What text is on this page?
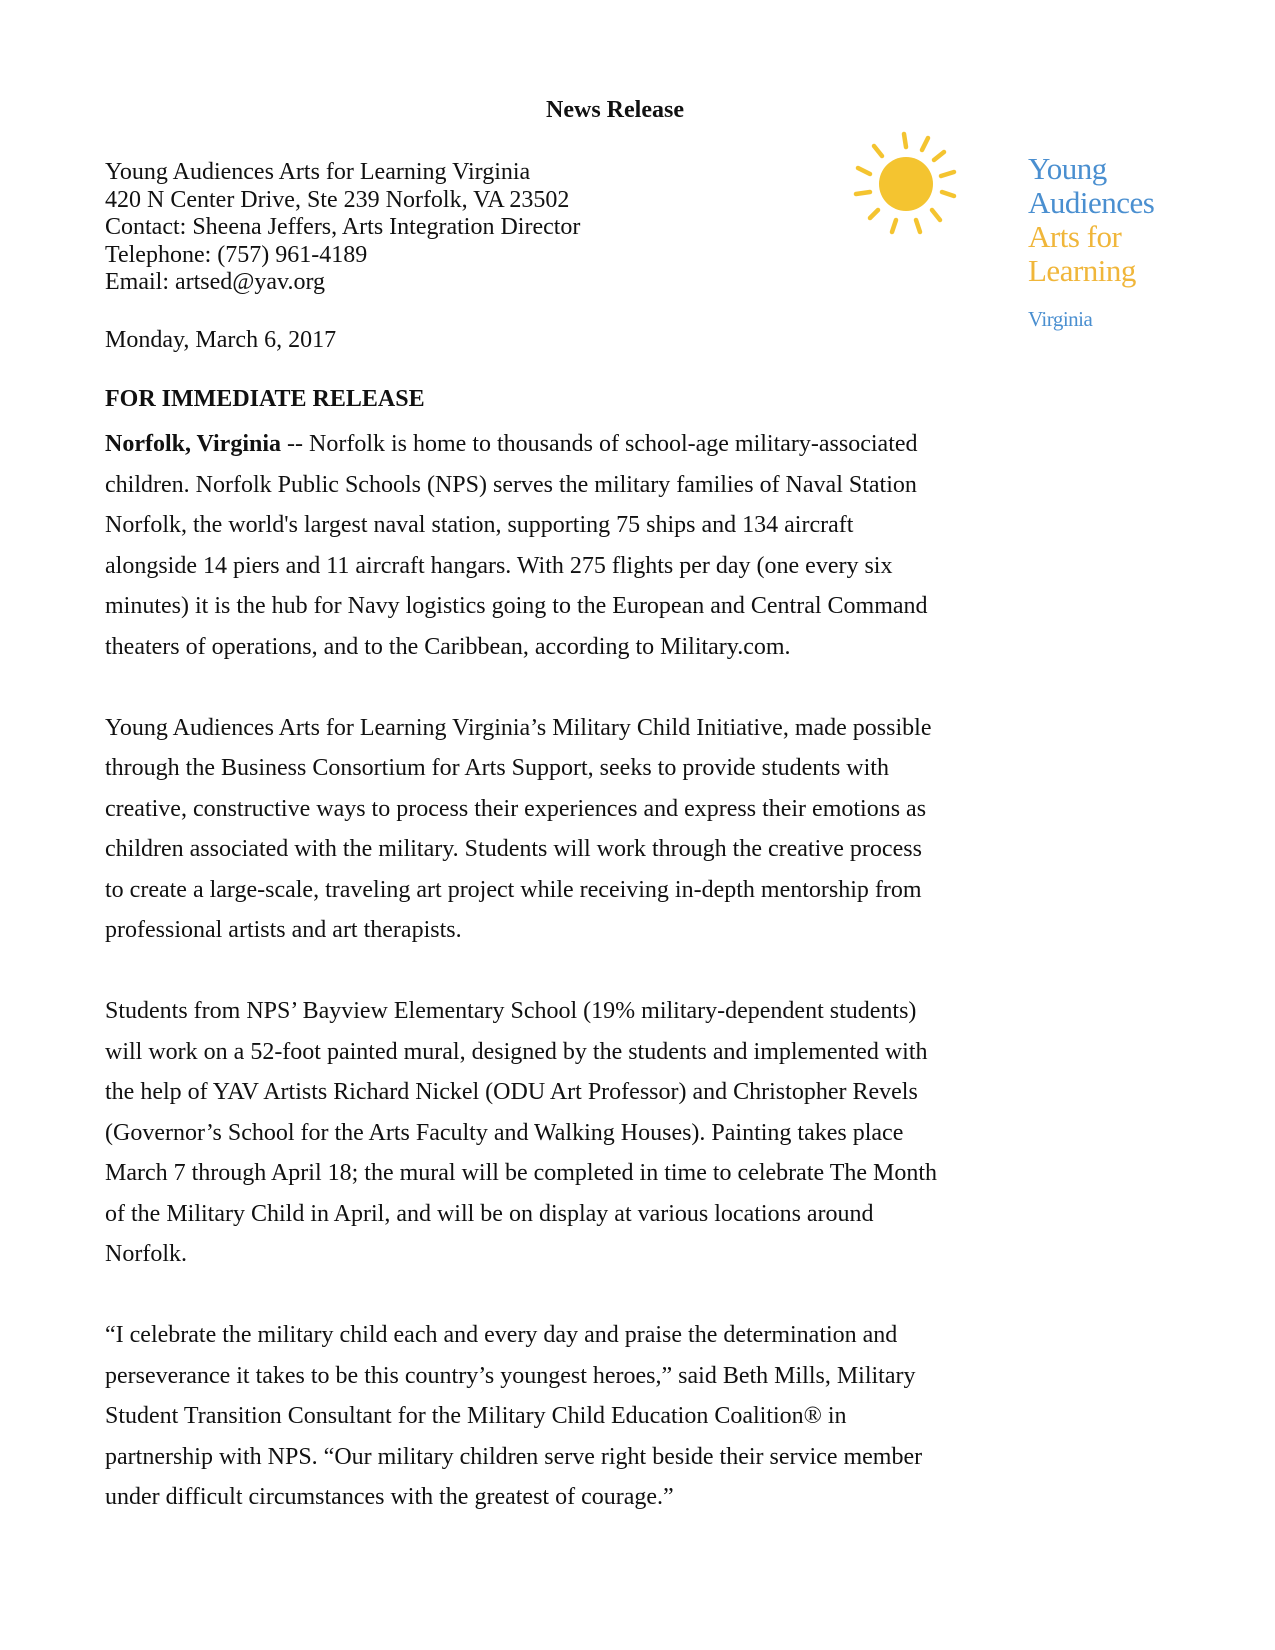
News Release
Young Audiences Arts for Learning Virginia
420 N Center Drive, Ste 239 Norfolk, VA 23502
Contact: Sheena Jeffers, Arts Integration Director
Telephone: (757) 961-4189
Email: artsed@yav.org
Monday, March 6, 2017
FOR IMMEDIATE RELEASE
Young
Audiences
Arts for
Learning
Virginia

Norfolk, Virginia -- Norfolk is home to thousands of school-age military-associated
children. Norfolk Public Schools (NPS) serves the military families of Naval Station
Norfolk, the world's largest naval station, supporting 75 ships and 134 aircraft
alongside 14 piers and 11 aircraft hangars. With 275 flights per day (one every six
minutes) it is the hub for Navy logistics going to the European and Central Command
theaters of operations, and to the Caribbean, according to Military.com.

Young Audiences Arts for Learning Virginia’s Military Child Initiative, made possible
through the Business Consortium for Arts Support, seeks to provide students with
creative, constructive ways to process their experiences and express their emotions as
children associated with the military. Students will work through the creative process
to create a large-scale, traveling art project while receiving in-depth mentorship from
professional artists and art therapists.

Students from NPS’ Bayview Elementary School (19% military-dependent students)
will work on a 52-foot painted mural, designed by the students and implemented with
the help of YAV Artists Richard Nickel (ODU Art Professor) and Christopher Revels
(Governor’s School for the Arts Faculty and Walking Houses). Painting takes place
March 7 through April 18; the mural will be completed in time to celebrate The Month
of the Military Child in April, and will be on display at various locations around
Norfolk.

“I celebrate the military child each and every day and praise the determination and
perseverance it takes to be this country’s youngest heroes,” said Beth Mills, Military
Student Transition Consultant for the Military Child Education Coalition® in
partnership with NPS. “Our military children serve right beside their service member
under difficult circumstances with the greatest of courage.”
